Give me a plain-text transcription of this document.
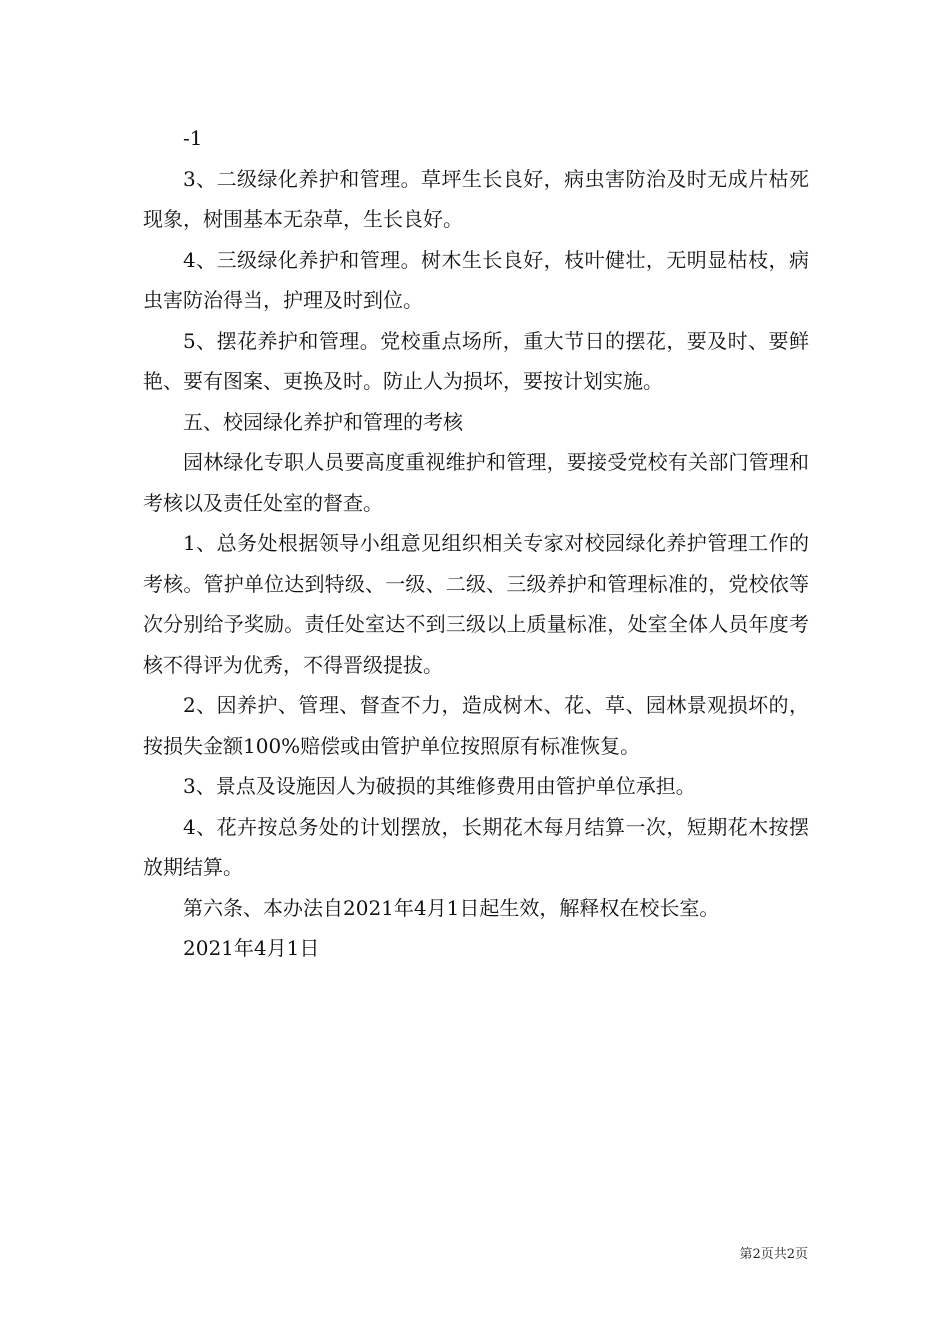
-1

3、二级绿化养护和管理。草坪生长良好，病虫害防治及时无成片枯死现象，树围基本无杂草，生长良好。

4、三级绿化养护和管理。树木生长良好，枝叶健壮，无明显枯枝，病虫害防治得当，护理及时到位。

5、摆花养护和管理。党校重点场所，重大节日的摆花，要及时、要鲜艳、要有图案、更换及时。防止人为损坏，要按计划实施。

五、校园绿化养护和管理的考核

园林绿化专职人员要高度重视维护和管理，要接受党校有关部门管理和考核以及责任处室的督查。

1、总务处根据领导小组意见组织相关专家对校园绿化养护管理工作的考核。管护单位达到特级、一级、二级、三级养护和管理标准的，党校依等次分别给予奖励。责任处室达不到三级以上质量标准，处室全体人员年度考核不得评为优秀，不得晋级提拔。

2、因养护、管理、督查不力，造成树木、花、草、园林景观损坏的，按损失金额100%赔偿或由管护单位按照原有标准恢复。

3、景点及设施因人为破损的其维修费用由管护单位承担。

4、花卉按总务处的计划摆放，长期花木每月结算一次，短期花木按摆放期结算。

第六条、本办法自2021年4月1日起生效，解释权在校长室。

2021年4月1日

第2页共2页
